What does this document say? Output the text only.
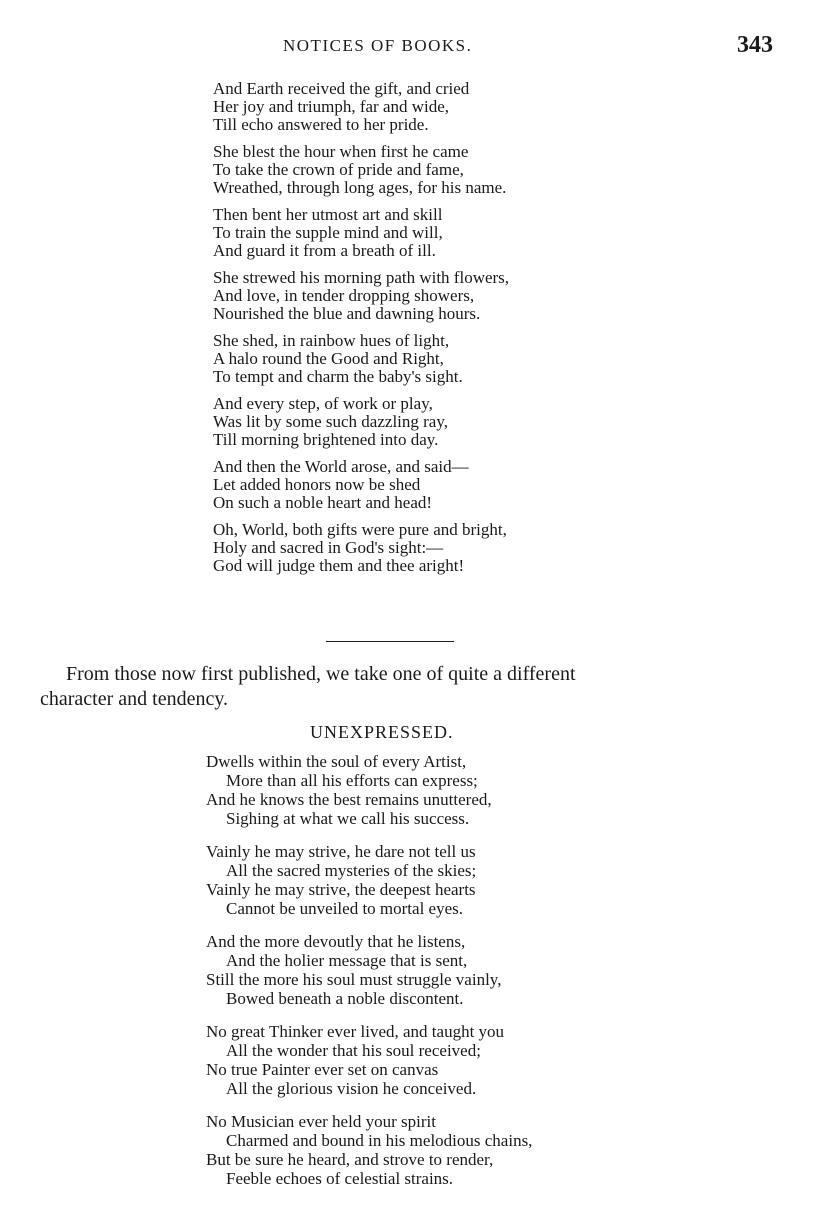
NOTICES OF BOOKS.	343
And Earth received the gift, and cried
Her joy and triumph, far and wide,
Till echo answered to her pride.
She blest the hour when first he came
To take the crown of pride and fame,
Wreathed, through long ages, for his name.
Then bent her utmost art and skill
To train the supple mind and will,
And guard it from a breath of ill.
She strewed his morning path with flowers,
And love, in tender dropping showers,
Nourished the blue and dawning hours.
She shed, in rainbow hues of light,
A halo round the Good and Right,
To tempt and charm the baby's sight.
And every step, of work or play,
Was lit by some such dazzling ray,
Till morning brightened into day.
And then the World arose, and said—
Let added honors now be shed
On such a noble heart and head!
Oh, World, both gifts were pure and bright,
Holy and sacred in God's sight:—
God will judge them and thee aright!
From those now first published, we take one of quite a different
character and tendency.
UNEXPRESSED.
Dwells within the soul of every Artist,
More than all his efforts can express;
And he knows the best remains unuttered,
Sighing at what we call his success.
Vainly he may strive, he dare not tell us
All the sacred mysteries of the skies;
Vainly he may strive, the deepest hearts
Cannot be unveiled to mortal eyes.
And the more devoutly that he listens,
And the holier message that is sent,
Still the more his soul must struggle vainly,
Bowed beneath a noble discontent.
No great Thinker ever lived, and taught you
All the wonder that his soul received;
No true Painter ever set on canvas
All the glorious vision he conceived.
No Musician ever held your spirit
Charmed and bound in his melodious chains,
But be sure he heard, and strove to render,
Feeble echoes of celestial strains.
